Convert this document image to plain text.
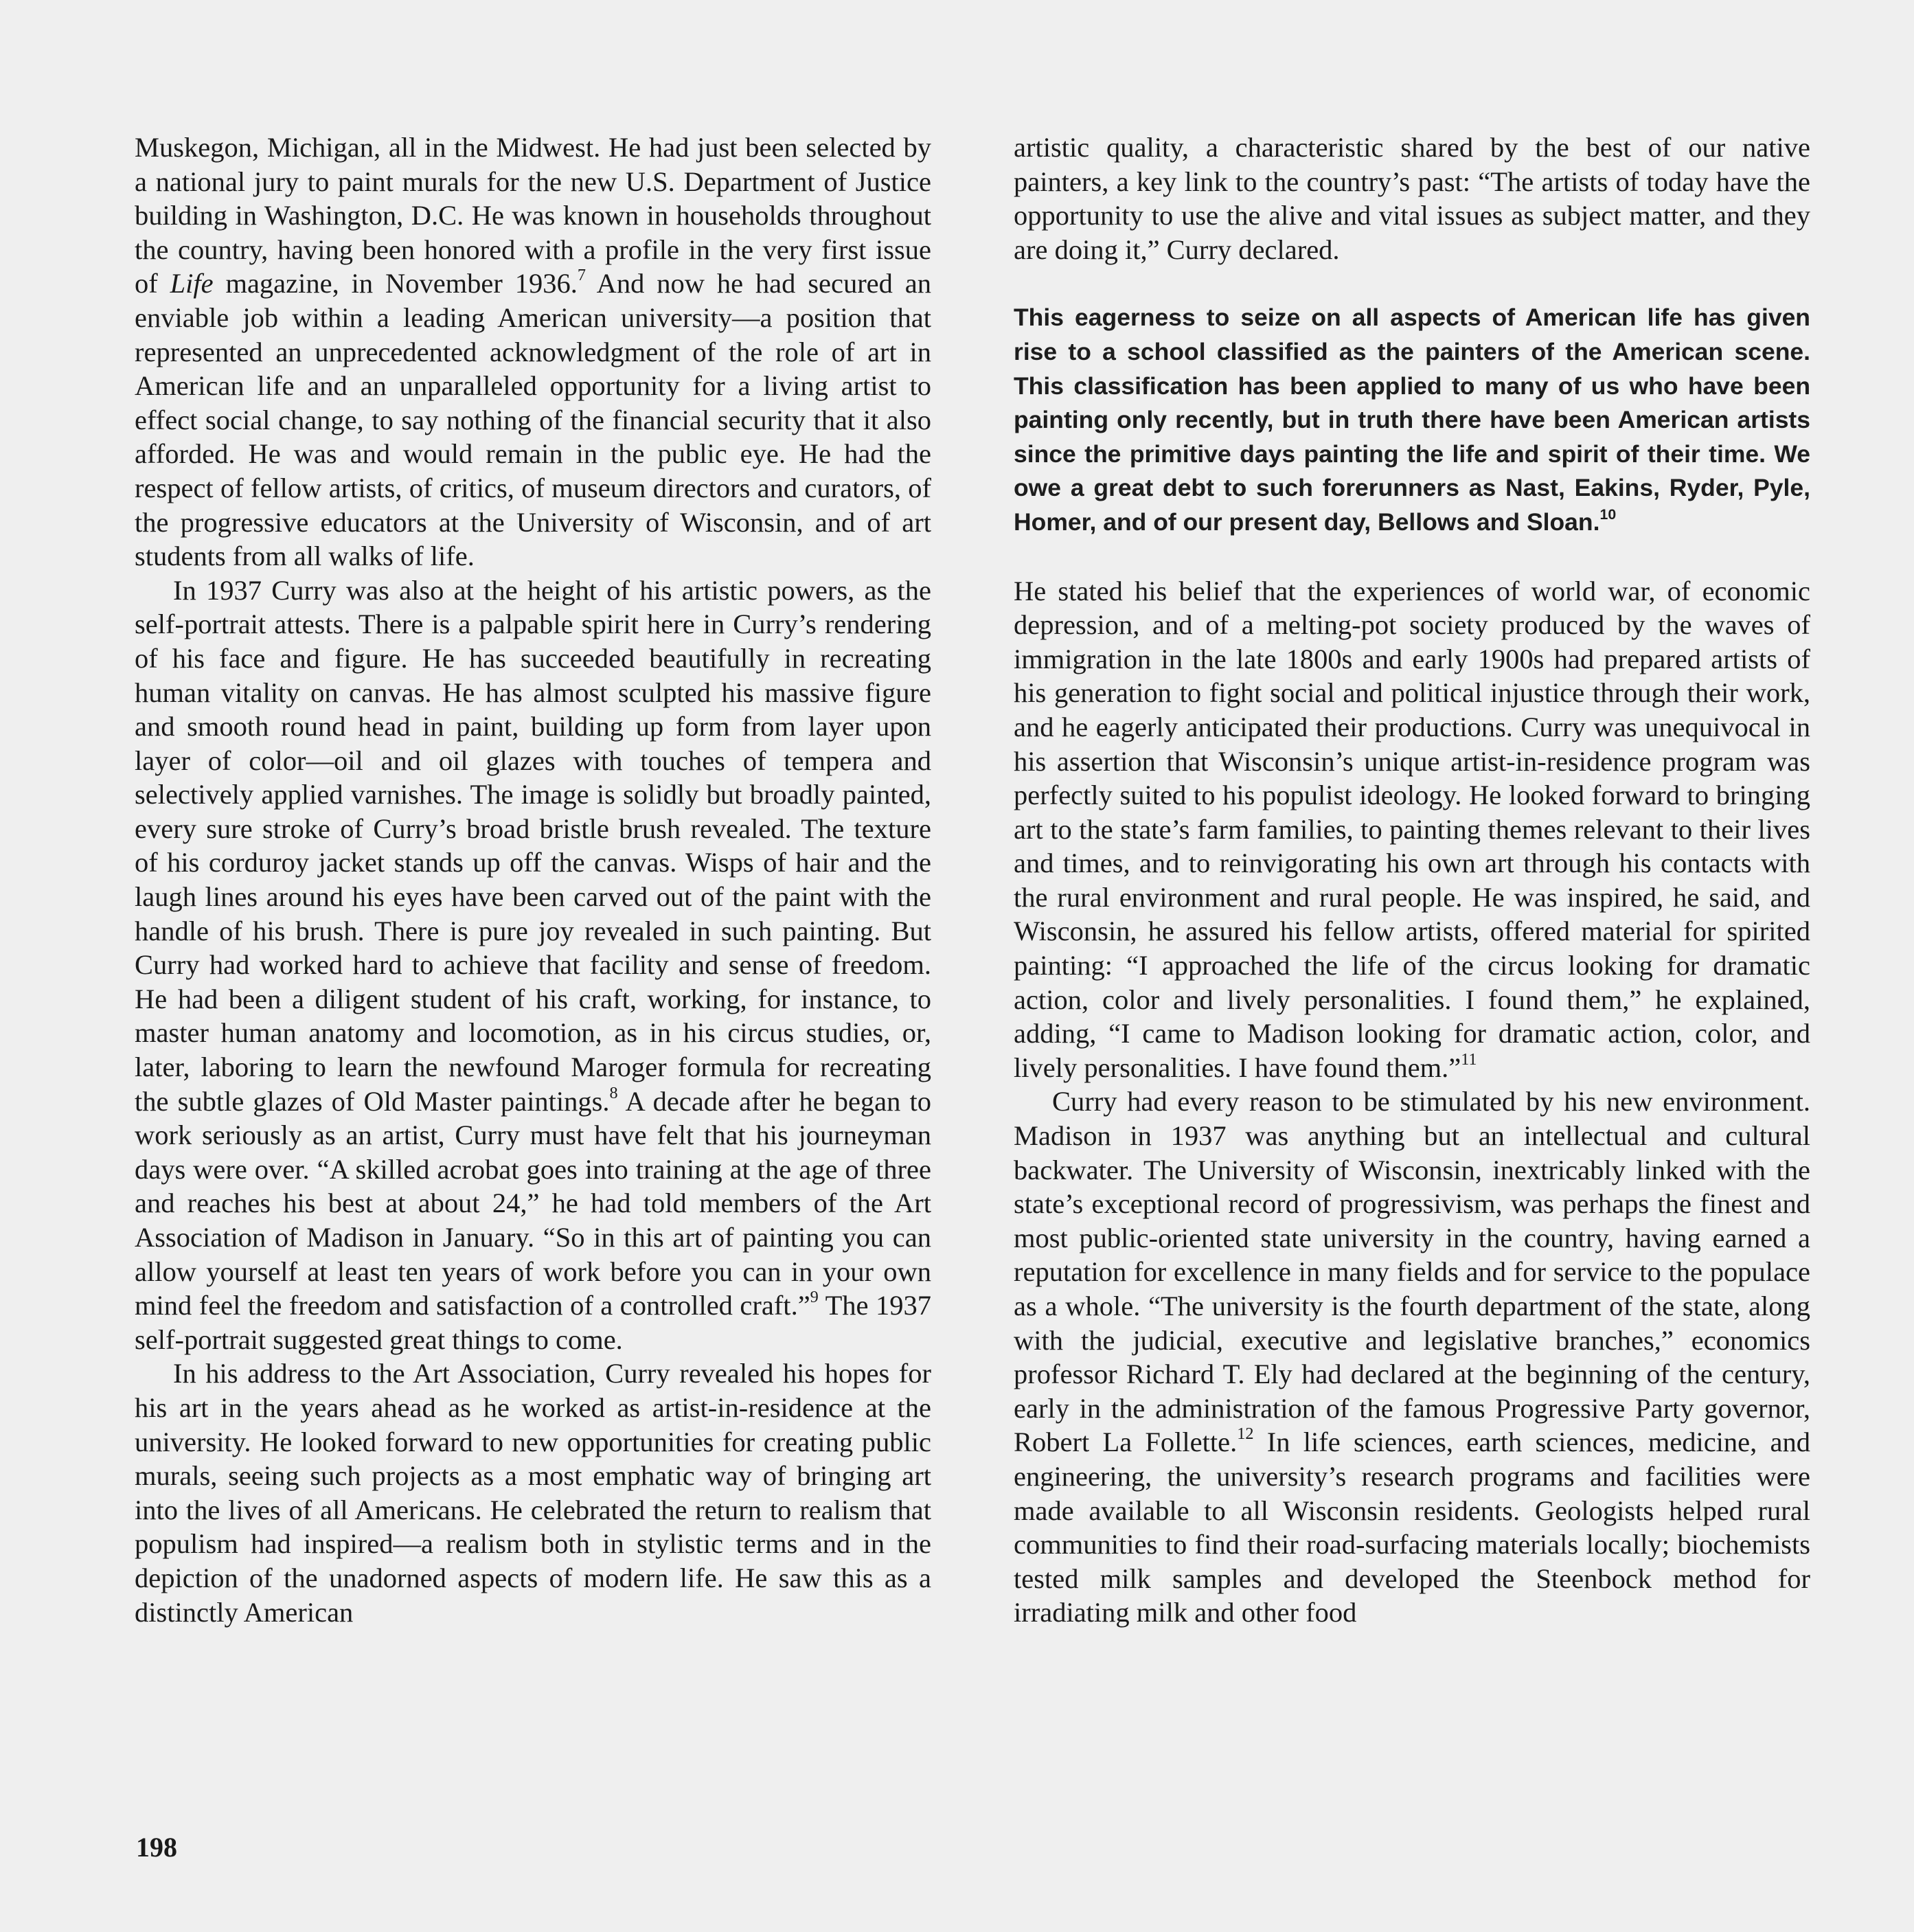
Muskegon, Michigan, all in the Midwest. He had just been selected by a national jury to paint murals for the new U.S. Department of Justice building in Washington, D.C. He was known in households throughout the country, having been honored with a profile in the very first issue of Life magazine, in November 1936.$^7$ And now he had secured an enviable job within a leading American university—a position that represented an unprecedented acknowledgment of the role of art in American life and an unparalleled opportunity for a living artist to effect social change, to say nothing of the financial security that it also afforded. He was and would remain in the public eye. He had the respect of fellow artists, of critics, of museum directors and curators, of the progressive educators at the University of Wisconsin, and of art students from all walks of life.

In 1937 Curry was also at the height of his artistic powers, as the self-portrait attests. There is a palpable spirit here in Curry’s rendering of his face and figure. He has succeeded beautifully in recreating human vitality on canvas. He has almost sculpted his massive figure and smooth round head in paint, building up form from layer upon layer of color—oil and oil glazes with touches of tempera and selectively applied varnishes. The image is solidly but broadly painted, every sure stroke of Curry’s broad bristle brush revealed. The texture of his corduroy jacket stands up off the canvas. Wisps of hair and the laugh lines around his eyes have been carved out of the paint with the handle of his brush. There is pure joy revealed in such painting. But Curry had worked hard to achieve that facility and sense of freedom. He had been a diligent student of his craft, working, for instance, to master human anatomy and locomotion, as in his circus studies, or, later, laboring to learn the newfound Maroger formula for recreating the subtle glazes of Old Master paintings.$^8$ A decade after he began to work seriously as an artist, Curry must have felt that his journeyman days were over. “A skilled acrobat goes into training at the age of three and reaches his best at about 24,” he had told members of the Art Association of Madison in January. “So in this art of painting you can allow yourself at least ten years of work before you can in your own mind feel the freedom and satisfaction of a controlled craft.”$^9$ The 1937 self-portrait suggested great things to come.

In his address to the Art Association, Curry revealed his hopes for his art in the years ahead as he worked as artist-in-residence at the university. He looked forward to new opportunities for creating public murals, seeing such projects as a most emphatic way of bringing art into the lives of all Americans. He celebrated the return to realism that populism had inspired—a realism both in stylistic terms and in the depiction of the unadorned aspects of modern life. He saw this as a distinctly American

artistic quality, a characteristic shared by the best of our native painters, a key link to the country’s past: “The artists of today have the opportunity to use the alive and vital issues as subject matter, and they are doing it,” Curry declared.

This eagerness to seize on all aspects of American life has given rise to a school classified as the painters of the American scene. This classification has been applied to many of us who have been painting only recently, but in truth there have been American artists since the primitive days painting the life and spirit of their time. We owe a great debt to such forerunners as Nast, Eakins, Ryder, Pyle, Homer, and of our present day, Bellows and Sloan.$^{10}$

He stated his belief that the experiences of world war, of economic depression, and of a melting-pot society produced by the waves of immigration in the late 1800s and early 1900s had prepared artists of his generation to fight social and political injustice through their work, and he eagerly anticipated their productions. Curry was unequivocal in his assertion that Wisconsin’s unique artist-in-residence program was perfectly suited to his populist ideology. He looked forward to bringing art to the state’s farm families, to painting themes relevant to their lives and times, and to reinvigorating his own art through his contacts with the rural environment and rural people. He was inspired, he said, and Wisconsin, he assured his fellow artists, offered material for spirited painting: “I approached the life of the circus looking for dramatic action, color and lively personalities. I found them,” he explained, adding, “I came to Madison looking for dramatic action, color, and lively personalities. I have found them.”$^{11}$

Curry had every reason to be stimulated by his new environment. Madison in 1937 was anything but an intellectual and cultural backwater. The University of Wisconsin, inextricably linked with the state’s exceptional record of progressivism, was perhaps the finest and most public-oriented state university in the country, having earned a reputation for excellence in many fields and for service to the populace as a whole. “The university is the fourth department of the state, along with the judicial, executive and legislative branches,” economics professor Richard T. Ely had declared at the beginning of the century, early in the administration of the famous Progressive Party governor, Robert La Follette.$^{12}$ In life sciences, earth sciences, medicine, and engineering, the university’s research programs and facilities were made available to all Wisconsin residents. Geologists helped rural communities to find their road-surfacing materials locally; biochemists tested milk samples and developed the Steenbock method for irradiating milk and other food

198
